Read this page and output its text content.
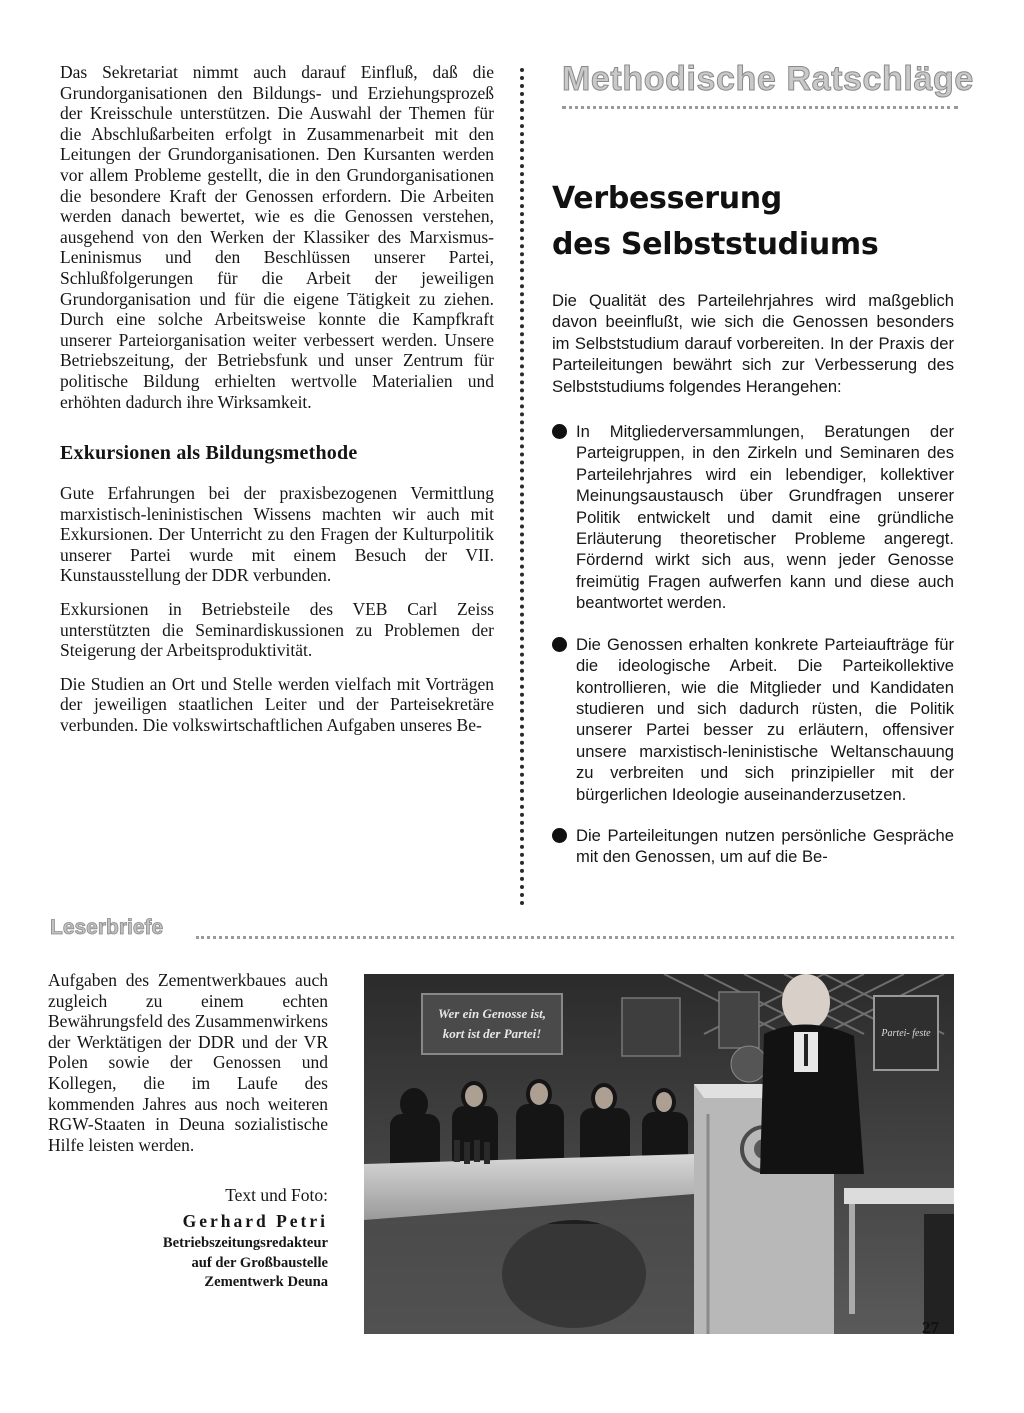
Das Sekretariat nimmt auch darauf Einfluß, daß die Grundorganisationen den Bildungs- und Erziehungsprozeß der Kreisschule unterstützen. Die Auswahl der Themen für die Abschlußarbeiten erfolgt in Zusammenarbeit mit den Leitungen der Grundorganisationen. Den Kursanten werden vor allem Probleme gestellt, die in den Grundorganisationen die besondere Kraft der Genossen erfordern. Die Arbeiten werden danach bewertet, wie es die Genossen verstehen, ausgehend von den Werken der Klassiker des Marxismus-Leninismus und den Beschlüssen unserer Partei, Schlußfolgerungen für die Arbeit der jeweiligen Grundorganisation und für die eigene Tätigkeit zu ziehen. Durch eine solche Arbeitsweise konnte die Kampfkraft unserer Parteiorganisation weiter verbessert werden. Unsere Betriebszeitung, der Betriebsfunk und unser Zentrum für politische Bildung erhielten wertvolle Materialien und erhöhten dadurch ihre Wirksamkeit.

Exkursionen als Bildungsmethode

Gute Erfahrungen bei der praxisbezogenen Vermittlung marxistisch-leninistischen Wissens machten wir auch mit Exkursionen. Der Unterricht zu den Fragen der Kulturpolitik unserer Partei wurde mit einem Besuch der VII. Kunstausstellung der DDR verbunden.

Exkursionen in Betriebsteile des VEB Carl Zeiss unterstützten die Seminardiskussionen zu Problemen der Steigerung der Arbeitsproduktivität.

Die Studien an Ort und Stelle werden vielfach mit Vorträgen der jeweiligen staatlichen Leiter und der Parteisekretäre verbunden. Die volkswirtschaftlichen Aufgaben unseres Be-

Methodische Ratschläge
Verbesserung
des Selbststudiums

Die Qualität des Parteilehrjahres wird maßgeblich davon beeinflußt, wie sich die Genossen besonders im Selbststudium darauf vorbereiten. In der Praxis der Parteileitungen bewährt sich zur Verbesserung des Selbststudiums folgendes Herangehen:

In Mitgliederversammlungen, Beratungen der Parteigruppen, in den Zirkeln und Seminaren des Parteilehrjahres wird ein lebendiger, kollektiver Meinungsaustausch über Grundfragen unserer Politik entwickelt und damit eine gründliche Erläuterung theoretischer Probleme angeregt. Fördernd wirkt sich aus, wenn jeder Genosse freimütig Fragen aufwerfen kann und diese auch beantwortet werden.

Die Genossen erhalten konkrete Parteiaufträge für die ideologische Arbeit. Die Parteikollektive kontrollieren, wie die Mitglieder und Kandidaten studieren und sich dadurch rüsten, die Politik unserer Partei besser zu erläutern, offensiver unsere marxistisch-leninistische Weltanschauung zu verbreiten und sich prinzipieller mit der bürgerlichen Ideologie auseinanderzusetzen.

Die Parteileitungen nutzen persönliche Gespräche mit den Genossen, um auf die Be-

Leserbriefe

Aufgaben des Zementwerkbaues auch zugleich zu einem echten Bewährungsfeld des Zusammenwirkens der Werktätigen der DDR und der VR Polen sowie der Genossen und Kollegen, die im Laufe des kommenden Jahres aus noch weiteren RGW-Staaten in Deuna sozialistische Hilfe leisten werden.

Text und Foto:
Gerhard Petri
Betriebszeitungsredakteur
auf der Großbaustelle
Zementwerk Deuna
Wer ein Genosse ist,
kort ist der Partei!	Partei- feste
27
